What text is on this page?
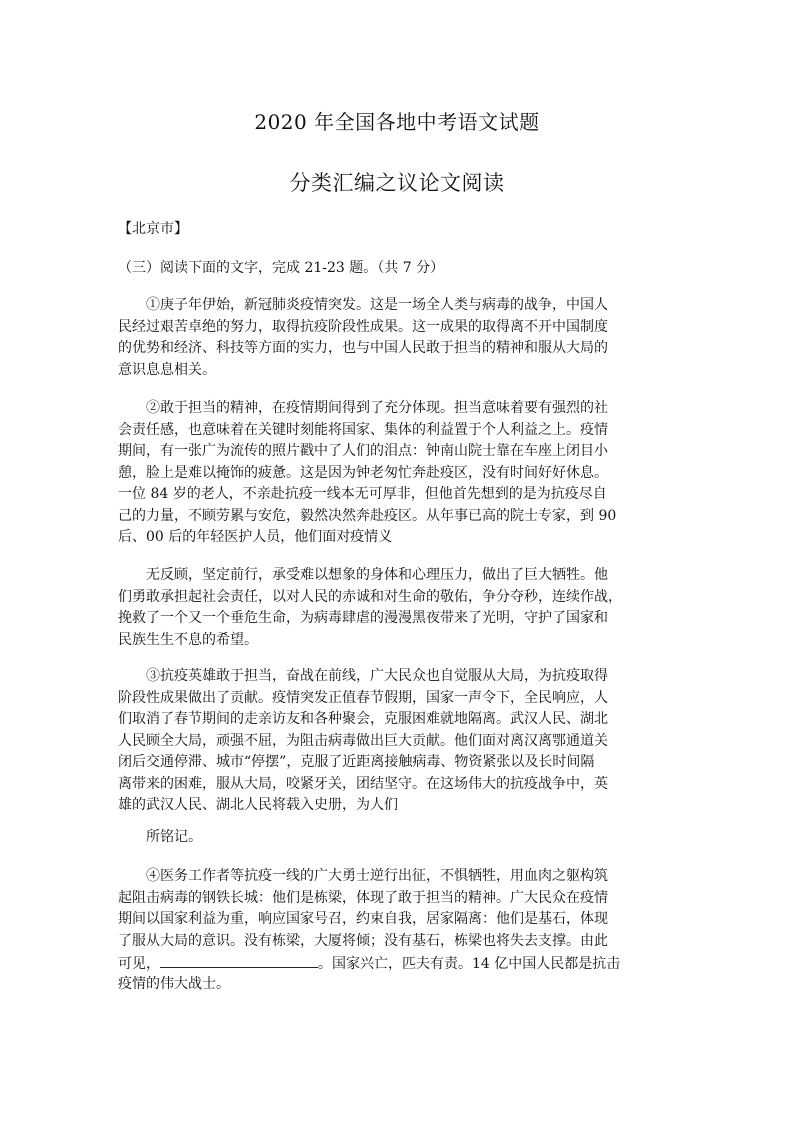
2020 年全国各地中考语文试题
分类汇编之议论文阅读
【北京市】
（三）阅读下面的文字，完成 21-23 题。（共 7 分）
①庚子年伊始，新冠肺炎疫情突发。这是一场全人类与病毒的战争，中国人
民经过艰苦卓绝的努力，取得抗疫阶段性成果。这一成果的取得离不开中国制度
的优势和经济、科技等方面的实力，也与中国人民敢于担当的精神和服从大局的
意识息息相关。
②敢于担当的精神，在疫情期间得到了充分体现。担当意味着要有强烈的社
会责任感，也意味着在关键时刻能将国家、集体的利益置于个人利益之上。疫情
期间，有一张广为流传的照片戳中了人们的泪点：钟南山院士靠在车座上闭目小
憩，脸上是难以掩饰的疲惫。这是因为钟老匆忙奔赴疫区，没有时间好好休息。
一位 84 岁的老人，不亲赴抗疫一线本无可厚非，但他首先想到的是为抗疫尽自
己的力量，不顾劳累与安危，毅然决然奔赴疫区。从年事已高的院士专家，到 90
后、00 后的年轻医护人员，他们面对疫情义
无反顾，坚定前行，承受难以想象的身体和心理压力，做出了巨大牺牲。他
们勇敢承担起社会责任，以对人民的赤诚和对生命的敬佑，争分夺秒，连续作战，
挽救了一个又一个垂危生命，为病毒肆虐的漫漫黑夜带来了光明，守护了国家和
民族生生不息的希望。
③抗疫英雄敢于担当，奋战在前线，广大民众也自觉服从大局，为抗疫取得
阶段性成果做出了贡献。疫情突发正值春节假期，国家一声令下，全民响应，人
们取消了春节期间的走亲访友和各种聚会，克服困难就地隔离。武汉人民、湖北
人民顾全大局，顽强不屈，为阻击病毒做出巨大贡献。他们面对离汉离鄂通道关
闭后交通停滞、城市“停摆”，克服了近距离接触病毒、物资紧张以及长时间隔
离带来的困难，服从大局，咬紧牙关，团结坚守。在这场伟大的抗疫战争中，英
雄的武汉人民、湖北人民将载入史册，为人们
所铭记。
④医务工作者等抗疫一线的广大勇士逆行出征，不惧牺牲，用血肉之躯构筑
起阻击病毒的钢铁长城：他们是栋梁，体现了敢于担当的精神。广大民众在疫情
期间以国家利益为重，响应国家号召，约束自我，居家隔离：他们是基石，体现
了服从大局的意识。没有栋梁，大厦将倾；没有基石，栋梁也将失去支撑。由此
可见，	。国家兴亡，匹夫有责。14 亿中国人民都是抗击
疫情的伟大战士。
